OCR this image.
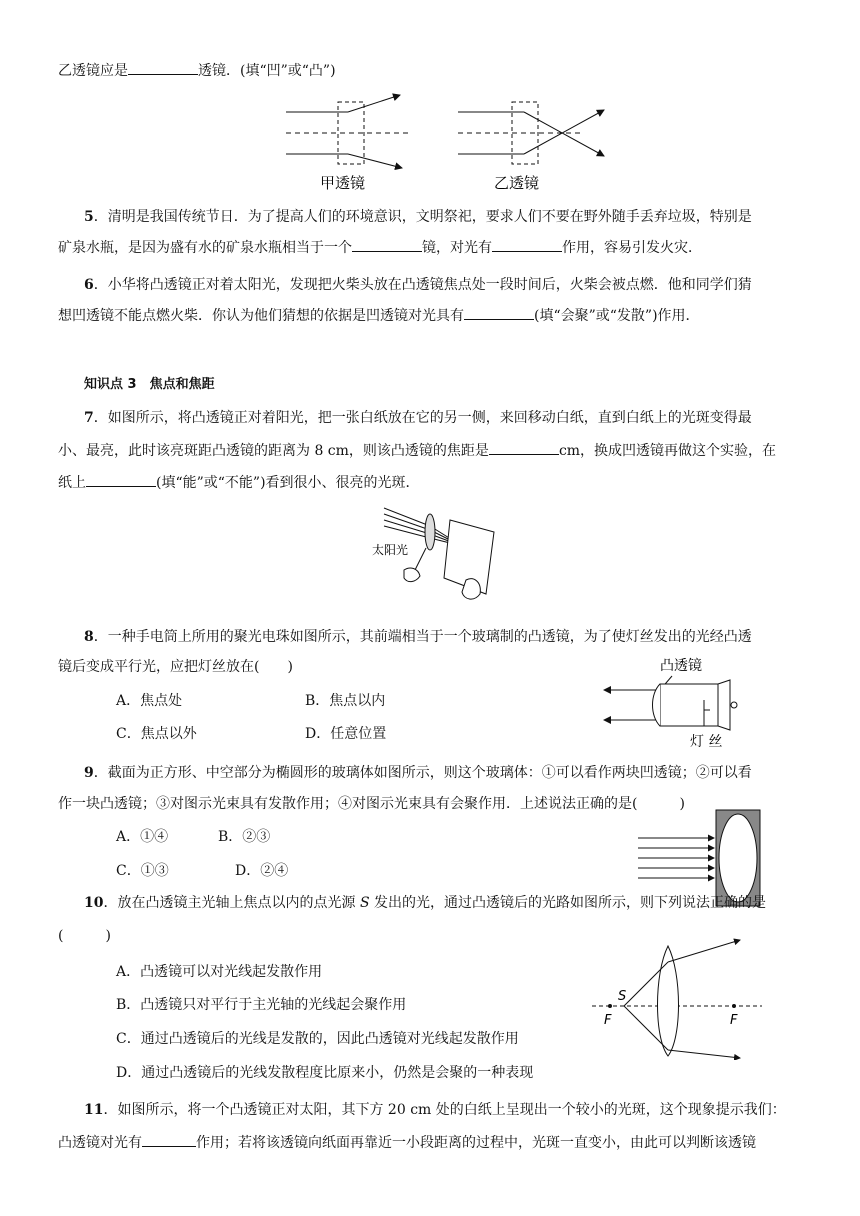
乙透镜应是	透镜．(填“凹”或“凸”)
甲透镜	乙透镜
5．清明是我国传统节日．为了提高人们的环境意识，文明祭祀，要求人们不要在野外随手丢弃垃圾，特别是
矿泉水瓶，是因为盛有水的矿泉水瓶相当于一个	镜，对光有	作用，容易引发火灾．
6．小华将凸透镜正对着太阳光，发现把火柴头放在凸透镜焦点处一段时间后，火柴会被点燃．他和同学们猜
想凹透镜不能点燃火柴．你认为他们猜想的依据是凹透镜对光具有	(填“会聚”或“发散”)作用．
知识点 3　焦点和焦距
7．如图所示，将凸透镜正对着阳光，把一张白纸放在它的另一侧，来回移动白纸，直到白纸上的光斑变得最
小、最亮，此时该亮斑距凸透镜的距离为 8 cm，则该凸透镜的焦距是	cm，换成凹透镜再做这个实验，在
纸上	(填“能”或“不能”)看到很小、很亮的光斑．
太阳光
8．一种手电筒上所用的聚光电珠如图所示，其前端相当于一个玻璃制的凸透镜，为了使灯丝发出的光经凸透
镜后变成平行光，应把灯丝放在(　　)
A．焦点处	B．焦点以内
C．焦点以外	D．任意位置
凸透镜
灯 丝
9．截面为正方形、中空部分为椭圆形的玻璃体如图所示，则这个玻璃体：①可以看作两块凹透镜；②可以看
作一块凸透镜；③对图示光束具有发散作用；④对图示光束具有会聚作用．上述说法正确的是(　　　)
A．①④	B．②③
C．①③	D．②④
10．放在凸透镜主光轴上焦点以内的点光源 S 发出的光，通过凸透镜后的光路如图所示，则下列说法正确的是
(　　　)
A．凸透镜可以对光线起发散作用
B．凸透镜只对平行于主光轴的光线起会聚作用
C．通过凸透镜后的光线是发散的，因此凸透镜对光线起发散作用
D．通过凸透镜后的光线发散程度比原来小，仍然是会聚的一种表现
S
F	F
11．如图所示，将一个凸透镜正对太阳，其下方 20 cm 处的白纸上呈现出一个较小的光斑，这个现象提示我们：
凸透镜对光有	作用；若将该透镜向纸面再靠近一小段距离的过程中，光斑一直变小，由此可以判断该透镜
